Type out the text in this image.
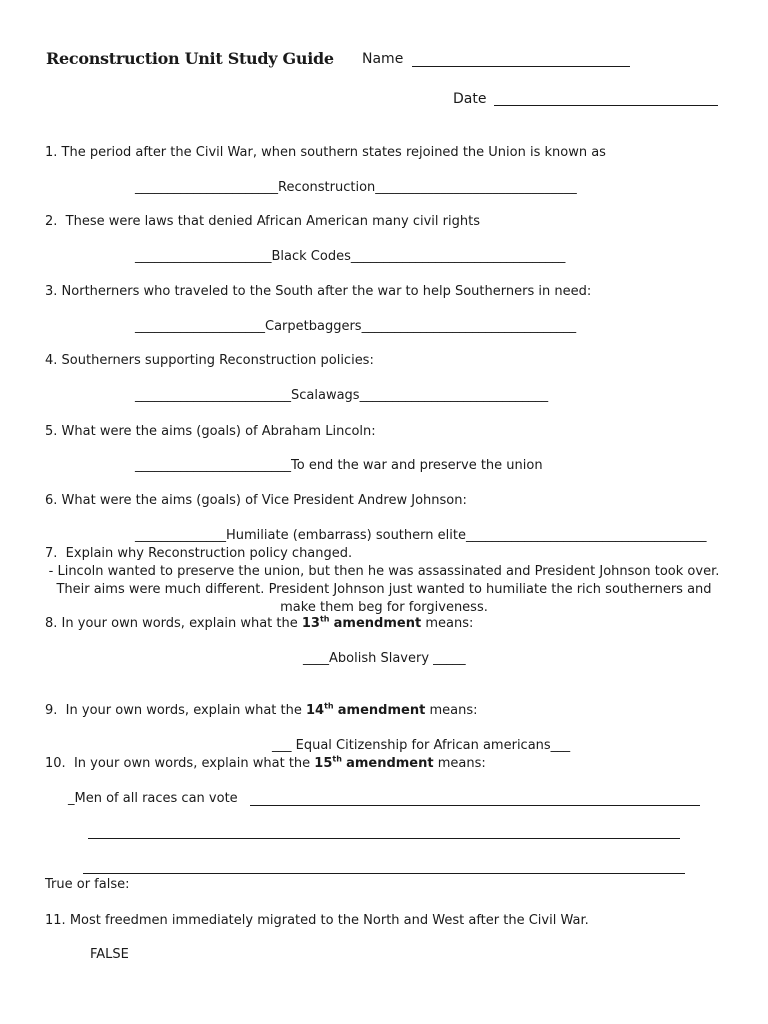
Reconstruction Unit Study Guide Name
Date
1. The period after the Civil War, when southern states rejoined the Union is known as
______________________Reconstruction_______________________________
2. These were laws that denied African American many civil rights
_____________________Black Codes_________________________________
3. Northerners who traveled to the South after the war to help Southerners in need:
____________________Carpetbaggers_________________________________
4. Southerners supporting Reconstruction policies:
________________________Scalawags_____________________________
5. What were the aims (goals) of Abraham Lincoln:
________________________To end the war and preserve the union
6. What were the aims (goals) of Vice President Andrew Johnson:
______________Humiliate (embarrass) southern elite_____________________________________
7. Explain why Reconstruction policy changed.
- Lincoln wanted to preserve the union, but then he was assassinated and President Johnson took over. Their aims were much different. President Johnson just wanted to humiliate the rich southerners and make them beg for forgiveness.
8. In your own words, explain what the 13th amendment means:
____Abolish Slavery _____
9. In your own words, explain what the 14th amendment means:
___ Equal Citizenship for African americans___
10. In your own words, explain what the 15th amendment means:
_Men of all races can vote
True or false:
11. Most freedmen immediately migrated to the North and West after the Civil War.
FALSE
